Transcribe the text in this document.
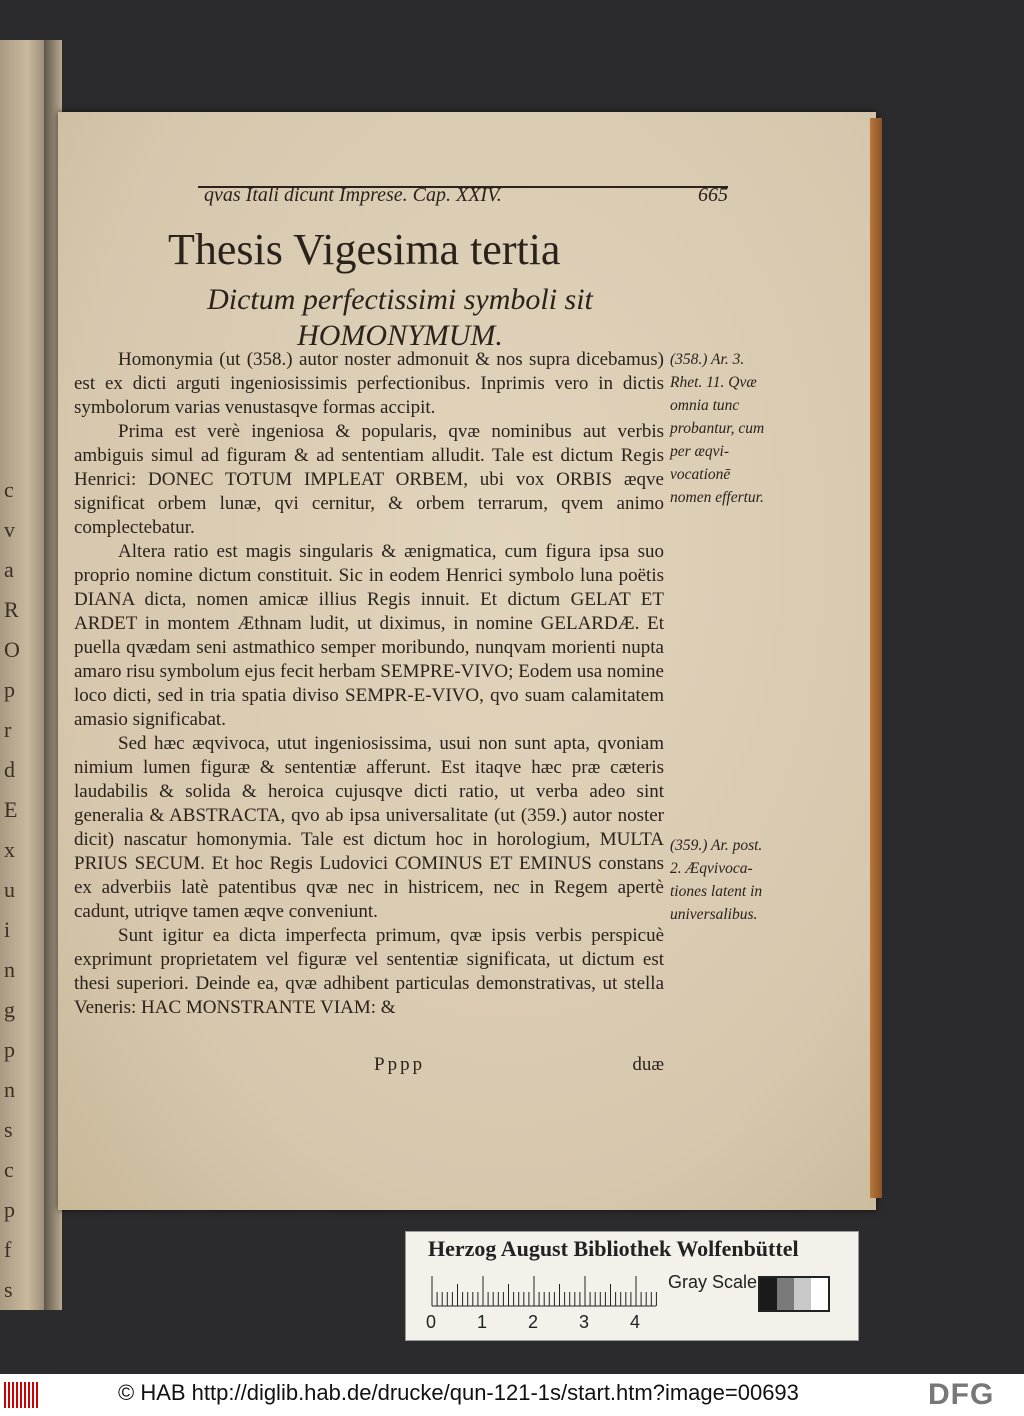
c
v
a
R
O
p
r
d
E
x
u
i
n
g
p
n
s
c
p
f
s
qvas Itali dicunt Imprese. Cap. XXIV.	665
Thesis Vigesima tertia
Dictum perfectissimi symboli sit HOMONYMUM.

Homonymia (ut (358.) autor noster admonuit & nos supra dicebamus) est ex dicti arguti ingeniosissimis perfectionibus. Inprimis vero in dictis symbolorum varias venustasqve formas accipit.

Prima est verè ingeniosa & popularis, qvæ nominibus aut verbis ambiguis simul ad figuram & ad sententiam alludit. Tale est dictum Regis Henrici: DONEC TOTUM IMPLEAT ORBEM, ubi vox ORBIS æqve significat orbem lunæ, qvi cernitur, & orbem terrarum, qvem animo complectebatur.

Altera ratio est magis singularis & ænigmatica, cum figura ipsa suo proprio nomine dictum constituit. Sic in eodem Henrici symbolo luna poëtis DIANA dicta, nomen amicæ illius Regis innuit. Et dictum GELAT ET ARDET in montem Æthnam ludit, ut diximus, in nomine GELARDÆ. Et puella qvædam seni astmathico semper moribundo, nunqvam morienti nupta amaro risu symbolum ejus fecit herbam SEMPRE-VIVO; Eodem usa nomine loco dicti, sed in tria spatia diviso SEMPR-E-VIVO, qvo suam calamitatem amasio significabat.

Sed hæc æqvivoca, utut ingeniosissima, usui non sunt apta, qvoniam nimium lumen figuræ & sententiæ afferunt. Est itaqve hæc præ cæteris laudabilis & solida & heroica cujusqve dicti ratio, ut verba adeo sint generalia & ABSTRACTA, qvo ab ipsa universalitate (ut (359.) autor noster dicit) nascatur homonymia. Tale est dictum hoc in horologium, MULTA PRIUS SECUM. Et hoc Regis Ludovici COMINUS ET EMINUS constans ex adverbiis latè patentibus qvæ nec in histricem, nec in Regem apertè cadunt, utriqve tamen æqve conveniunt.

Sunt igitur ea dicta imperfecta primum, qvæ ipsis verbis perspicuè exprimunt proprietatem vel figuræ vel sententiæ significata, ut dictum est thesi superiori. Deinde ea, qvæ adhibent particulas demonstrativas, ut stella Veneris: HAC MONSTRANTE VIAM: &

(358.) Ar. 3. Rhet. 11. Qvæ omnia tunc probantur, cum per æqvivocationē nomen effertur.
(359.) Ar. post. 2. Æqvivocationes latent in universalibus.
Pppp	duæ
Herzog August Bibliothek Wolfenbüttel
0 1 2 3 4
Gray Scale
© HAB http://diglib.hab.de/drucke/qun-121-1s/start.htm?image=00693	DFG
